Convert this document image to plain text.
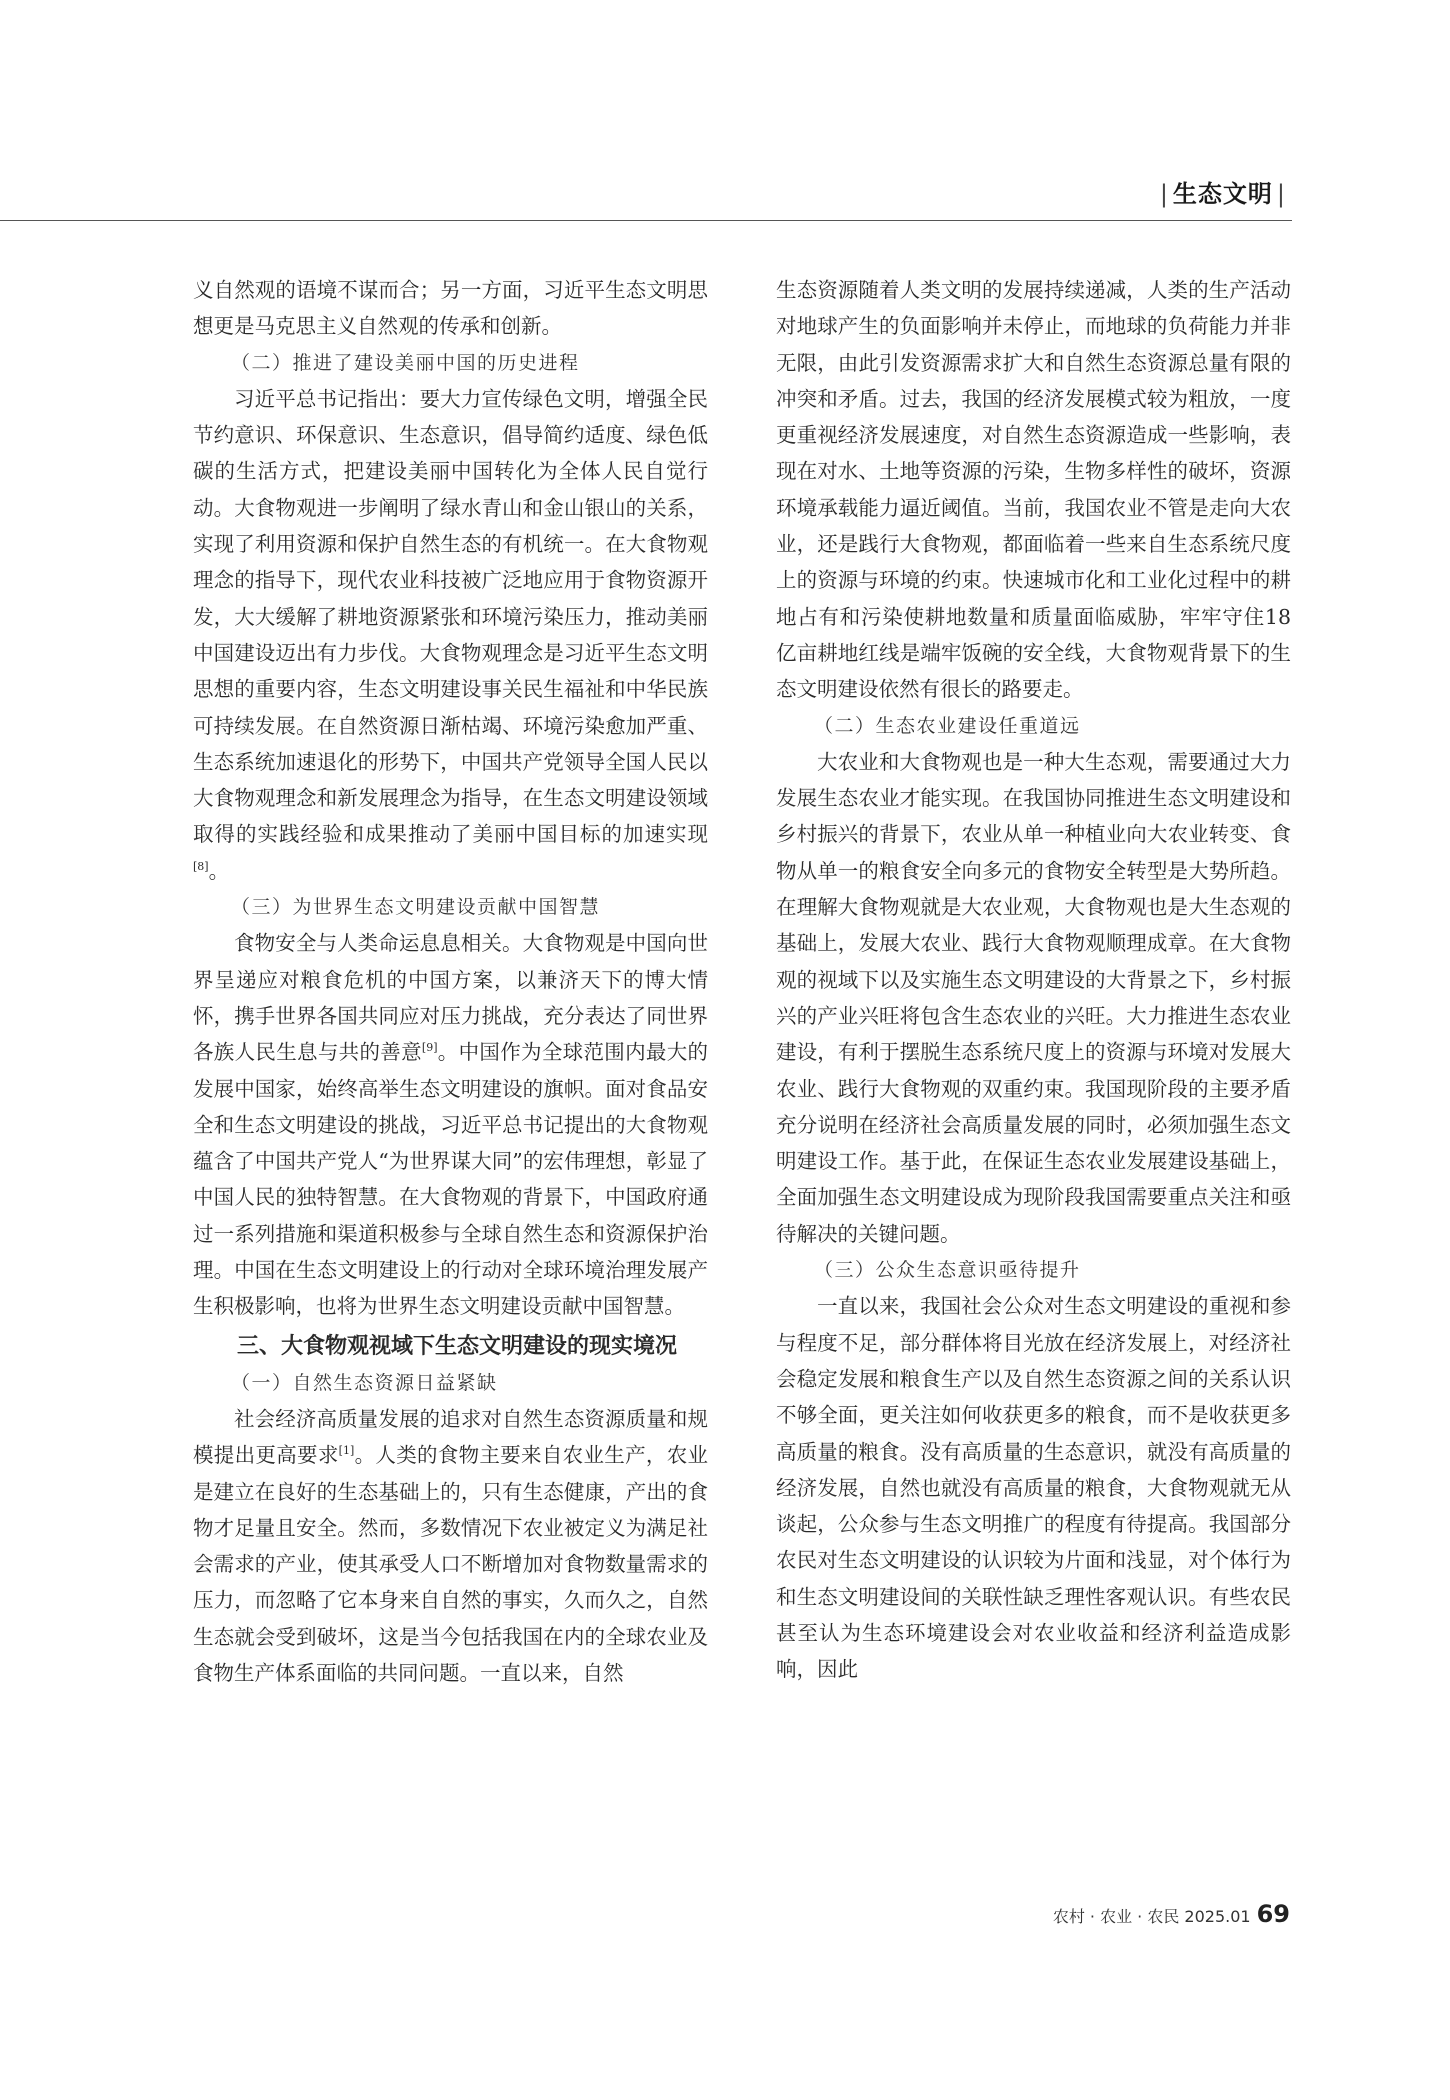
| 生态文明 |

义自然观的语境不谋而合；另一方面，习近平生态文明思想更是马克思主义自然观的传承和创新。

（二）推进了建设美丽中国的历史进程

习近平总书记指出：要大力宣传绿色文明，增强全民节约意识、环保意识、生态意识，倡导简约适度、绿色低碳的生活方式，把建设美丽中国转化为全体人民自觉行动。大食物观进一步阐明了绿水青山和金山银山的关系，实现了利用资源和保护自然生态的有机统一。在大食物观理念的指导下，现代农业科技被广泛地应用于食物资源开发，大大缓解了耕地资源紧张和环境污染压力，推动美丽中国建设迈出有力步伐。大食物观理念是习近平生态文明思想的重要内容，生态文明建设事关民生福祉和中华民族可持续发展。在自然资源日渐枯竭、环境污染愈加严重、生态系统加速退化的形势下，中国共产党领导全国人民以大食物观理念和新发展理念为指导，在生态文明建设领域取得的实践经验和成果推动了美丽中国目标的加速实现[8]。

（三）为世界生态文明建设贡献中国智慧

食物安全与人类命运息息相关。大食物观是中国向世界呈递应对粮食危机的中国方案，以兼济天下的博大情怀，携手世界各国共同应对压力挑战，充分表达了同世界各族人民生息与共的善意[9]。中国作为全球范围内最大的发展中国家，始终高举生态文明建设的旗帜。面对食品安全和生态文明建设的挑战，习近平总书记提出的大食物观蕴含了中国共产党人“为世界谋大同”的宏伟理想，彰显了中国人民的独特智慧。在大食物观的背景下，中国政府通过一系列措施和渠道积极参与全球自然生态和资源保护治理。中国在生态文明建设上的行动对全球环境治理发展产生积极影响，也将为世界生态文明建设贡献中国智慧。

三、大食物观视域下生态文明建设的现实境况
（一）自然生态资源日益紧缺

社会经济高质量发展的追求对自然生态资源质量和规模提出更高要求[1]。人类的食物主要来自农业生产，农业是建立在良好的生态基础上的，只有生态健康，产出的食物才足量且安全。然而，多数情况下农业被定义为满足社会需求的产业，使其承受人口不断增加对食物数量需求的压力，而忽略了它本身来自自然的事实，久而久之，自然生态就会受到破坏，这是当今包括我国在内的全球农业及食物生产体系面临的共同问题。一直以来，自然

生态资源随着人类文明的发展持续递减，人类的生产活动对地球产生的负面影响并未停止，而地球的负荷能力并非无限，由此引发资源需求扩大和自然生态资源总量有限的冲突和矛盾。过去，我国的经济发展模式较为粗放，一度更重视经济发展速度，对自然生态资源造成一些影响，表现在对水、土地等资源的污染，生物多样性的破坏，资源环境承载能力逼近阈值。当前，我国农业不管是走向大农业，还是践行大食物观，都面临着一些来自生态系统尺度上的资源与环境的约束。快速城市化和工业化过程中的耕地占有和污染使耕地数量和质量面临威胁，牢牢守住18亿亩耕地红线是端牢饭碗的安全线，大食物观背景下的生态文明建设依然有很长的路要走。

（二）生态农业建设任重道远

大农业和大食物观也是一种大生态观，需要通过大力发展生态农业才能实现。在我国协同推进生态文明建设和乡村振兴的背景下，农业从单一种植业向大农业转变、食物从单一的粮食安全向多元的食物安全转型是大势所趋。在理解大食物观就是大农业观，大食物观也是大生态观的基础上，发展大农业、践行大食物观顺理成章。在大食物观的视域下以及实施生态文明建设的大背景之下，乡村振兴的产业兴旺将包含生态农业的兴旺。大力推进生态农业建设，有利于摆脱生态系统尺度上的资源与环境对发展大农业、践行大食物观的双重约束。我国现阶段的主要矛盾充分说明在经济社会高质量发展的同时，必须加强生态文明建设工作。基于此，在保证生态农业发展建设基础上，全面加强生态文明建设成为现阶段我国需要重点关注和亟待解决的关键问题。

（三）公众生态意识亟待提升

一直以来，我国社会公众对生态文明建设的重视和参与程度不足，部分群体将目光放在经济发展上，对经济社会稳定发展和粮食生产以及自然生态资源之间的关系认识不够全面，更关注如何收获更多的粮食，而不是收获更多高质量的粮食。没有高质量的生态意识，就没有高质量的经济发展，自然也就没有高质量的粮食，大食物观就无从谈起，公众参与生态文明推广的程度有待提高。我国部分农民对生态文明建设的认识较为片面和浅显，对个体行为和生态文明建设间的关联性缺乏理性客观认识。有些农民甚至认为生态环境建设会对农业收益和经济利益造成影响，因此

农村 · 农业 · 农民 2025.01 69
